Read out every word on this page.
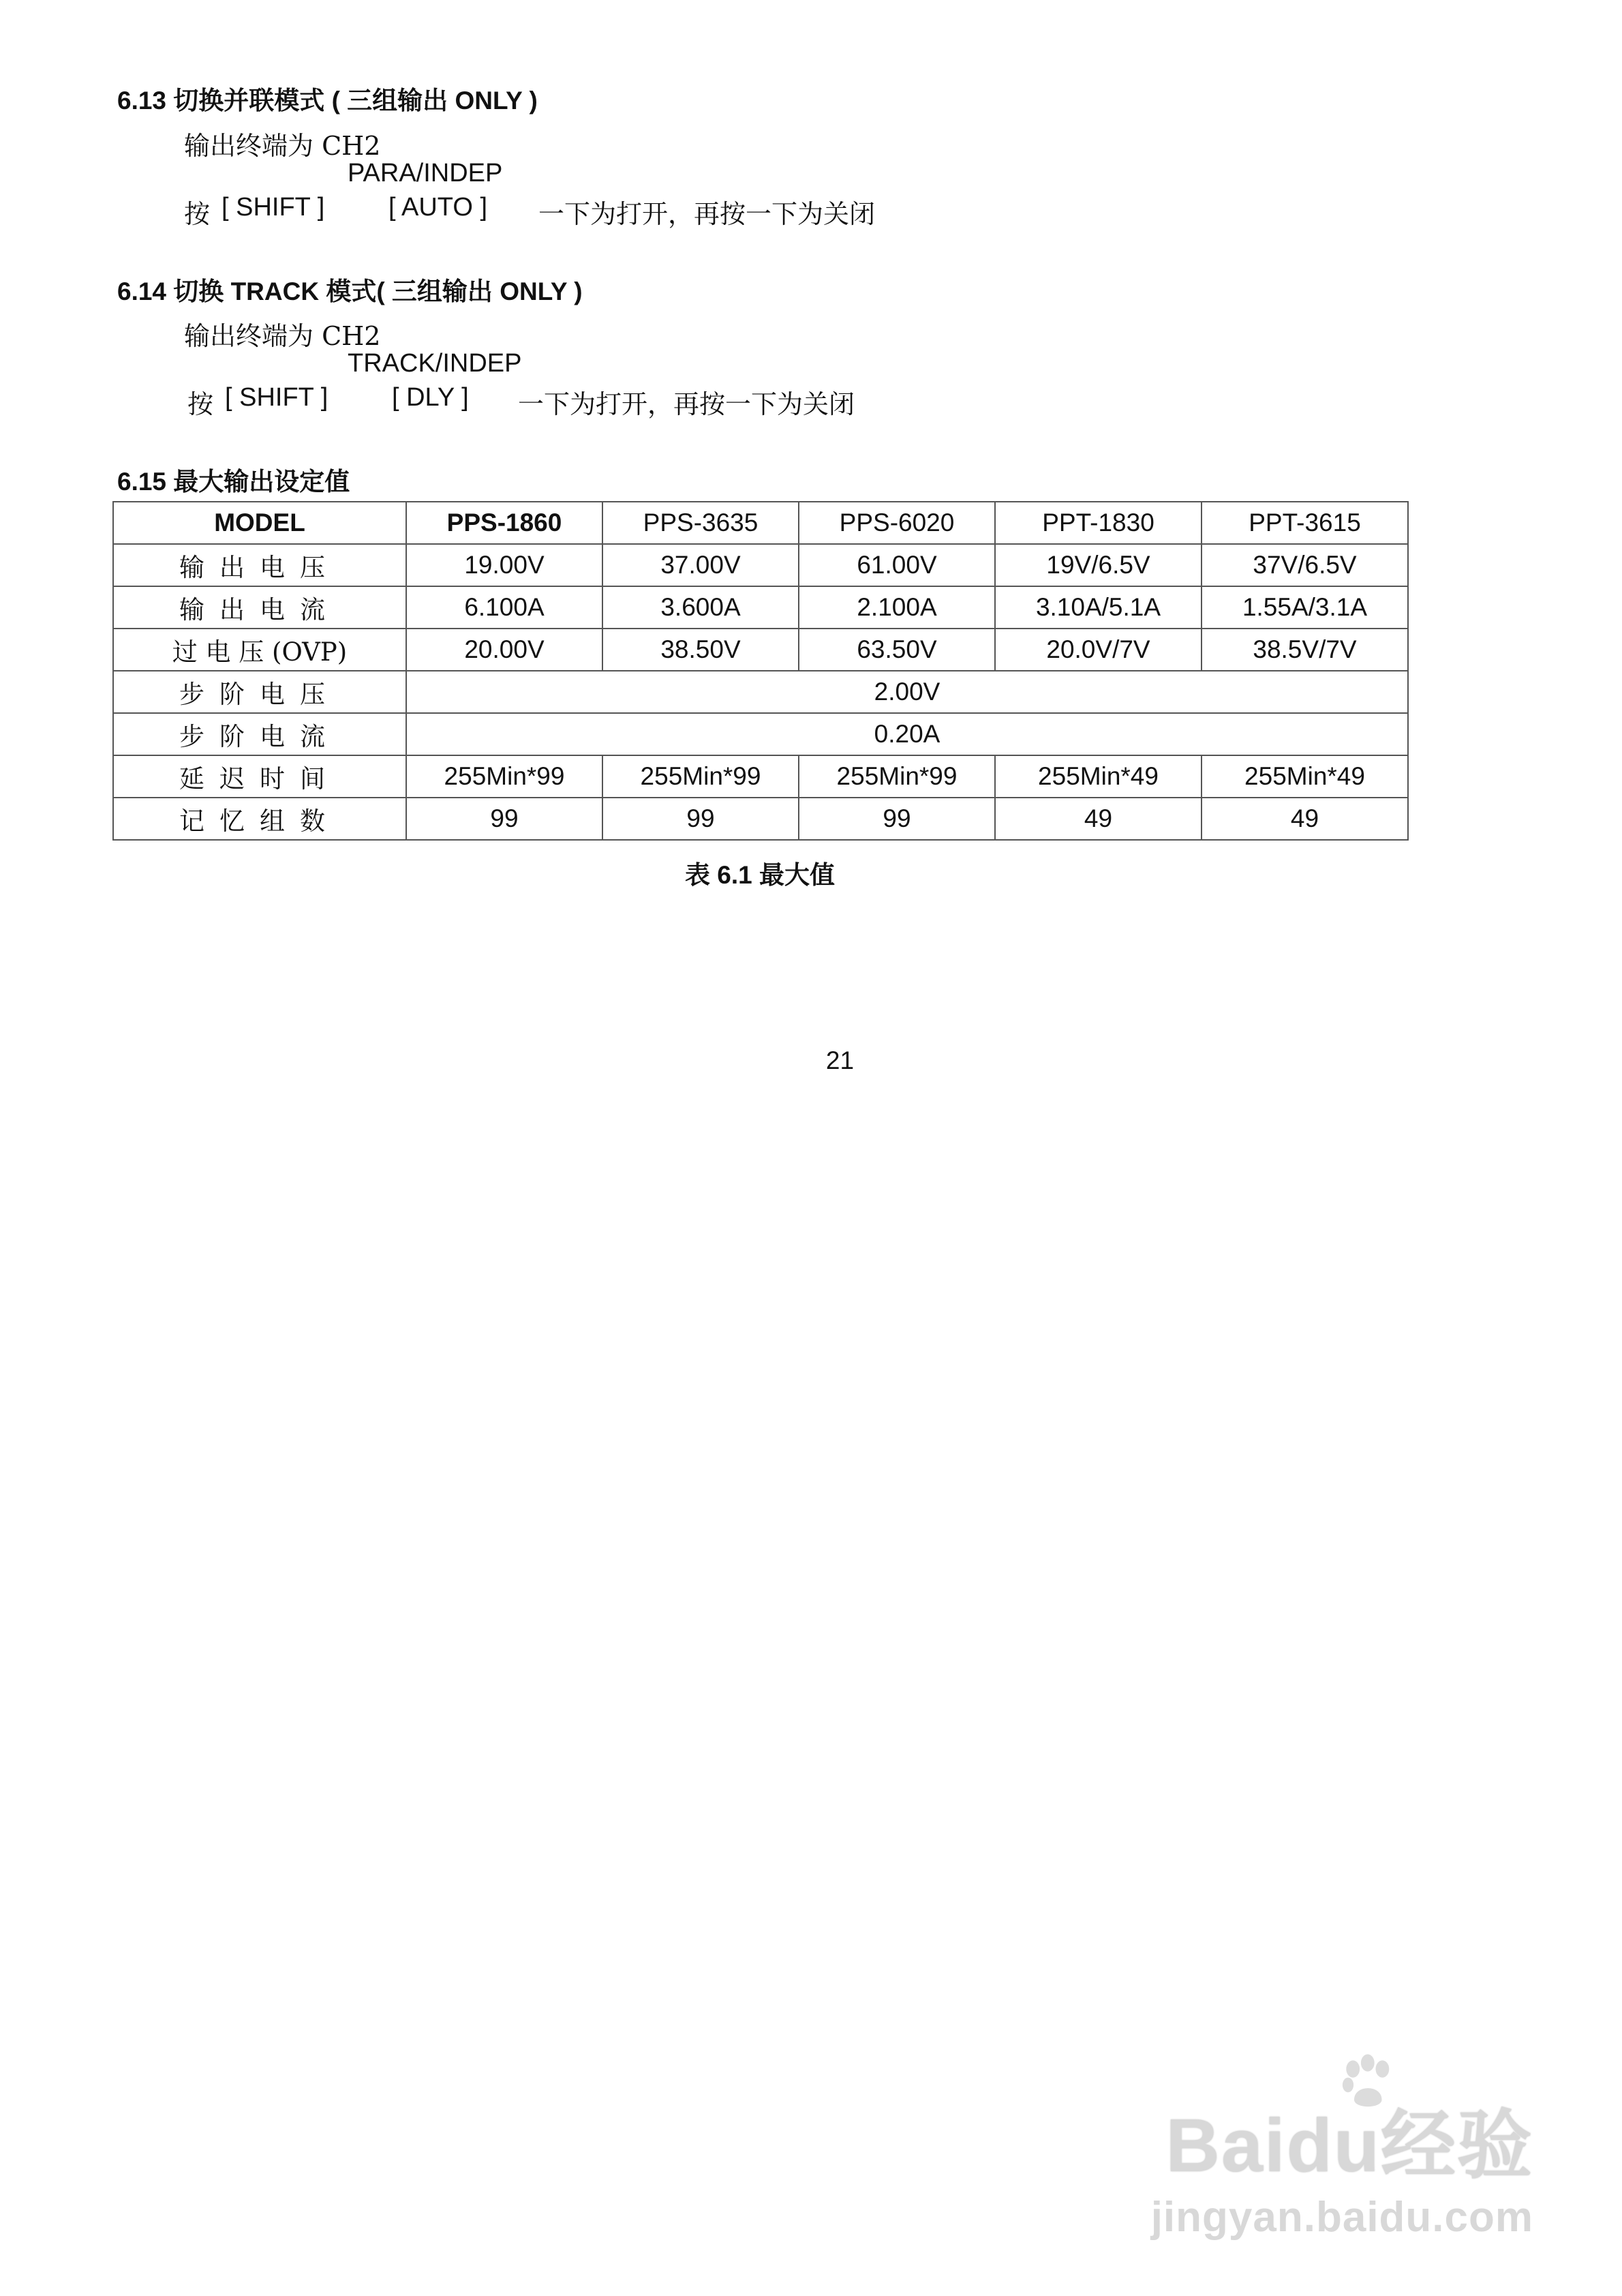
6.13 切换并联模式 ( 三组输出 ONLY )
输出终端为 CH2
PARA/INDEP
按 [ SHIFT ] [ AUTO ] 一下为打开，再按一下为关闭
6.14 切换 TRACK 模式( 三组输出 ONLY )
输出终端为 CH2
TRACK/INDEP
按 [ SHIFT ] [ DLY ] 一下为打开，再按一下为关闭
6.15 最大输出设定值
MODEL	PPS-1860	PPS-3635	PPS-6020	PPT-1830	PPT-3615
输出电压	19.00V	37.00V	61.00V	19V/6.5V	37V/6.5V
输出电流	6.100A	3.600A	2.100A	3.10A/5.1A	1.55A/3.1A
过 电 压 (OVP)	20.00V	38.50V	63.50V	20.0V/7V	38.5V/7V
步阶电压	2.00V				
步阶电流	0.20A				
延迟时间	255Min*99	255Min*99	255Min*99	255Min*49	255Min*49
记忆组数	99	99	99	49	49
表 6.1 最大值
21
Baidu经验
jingyan.baidu.com
